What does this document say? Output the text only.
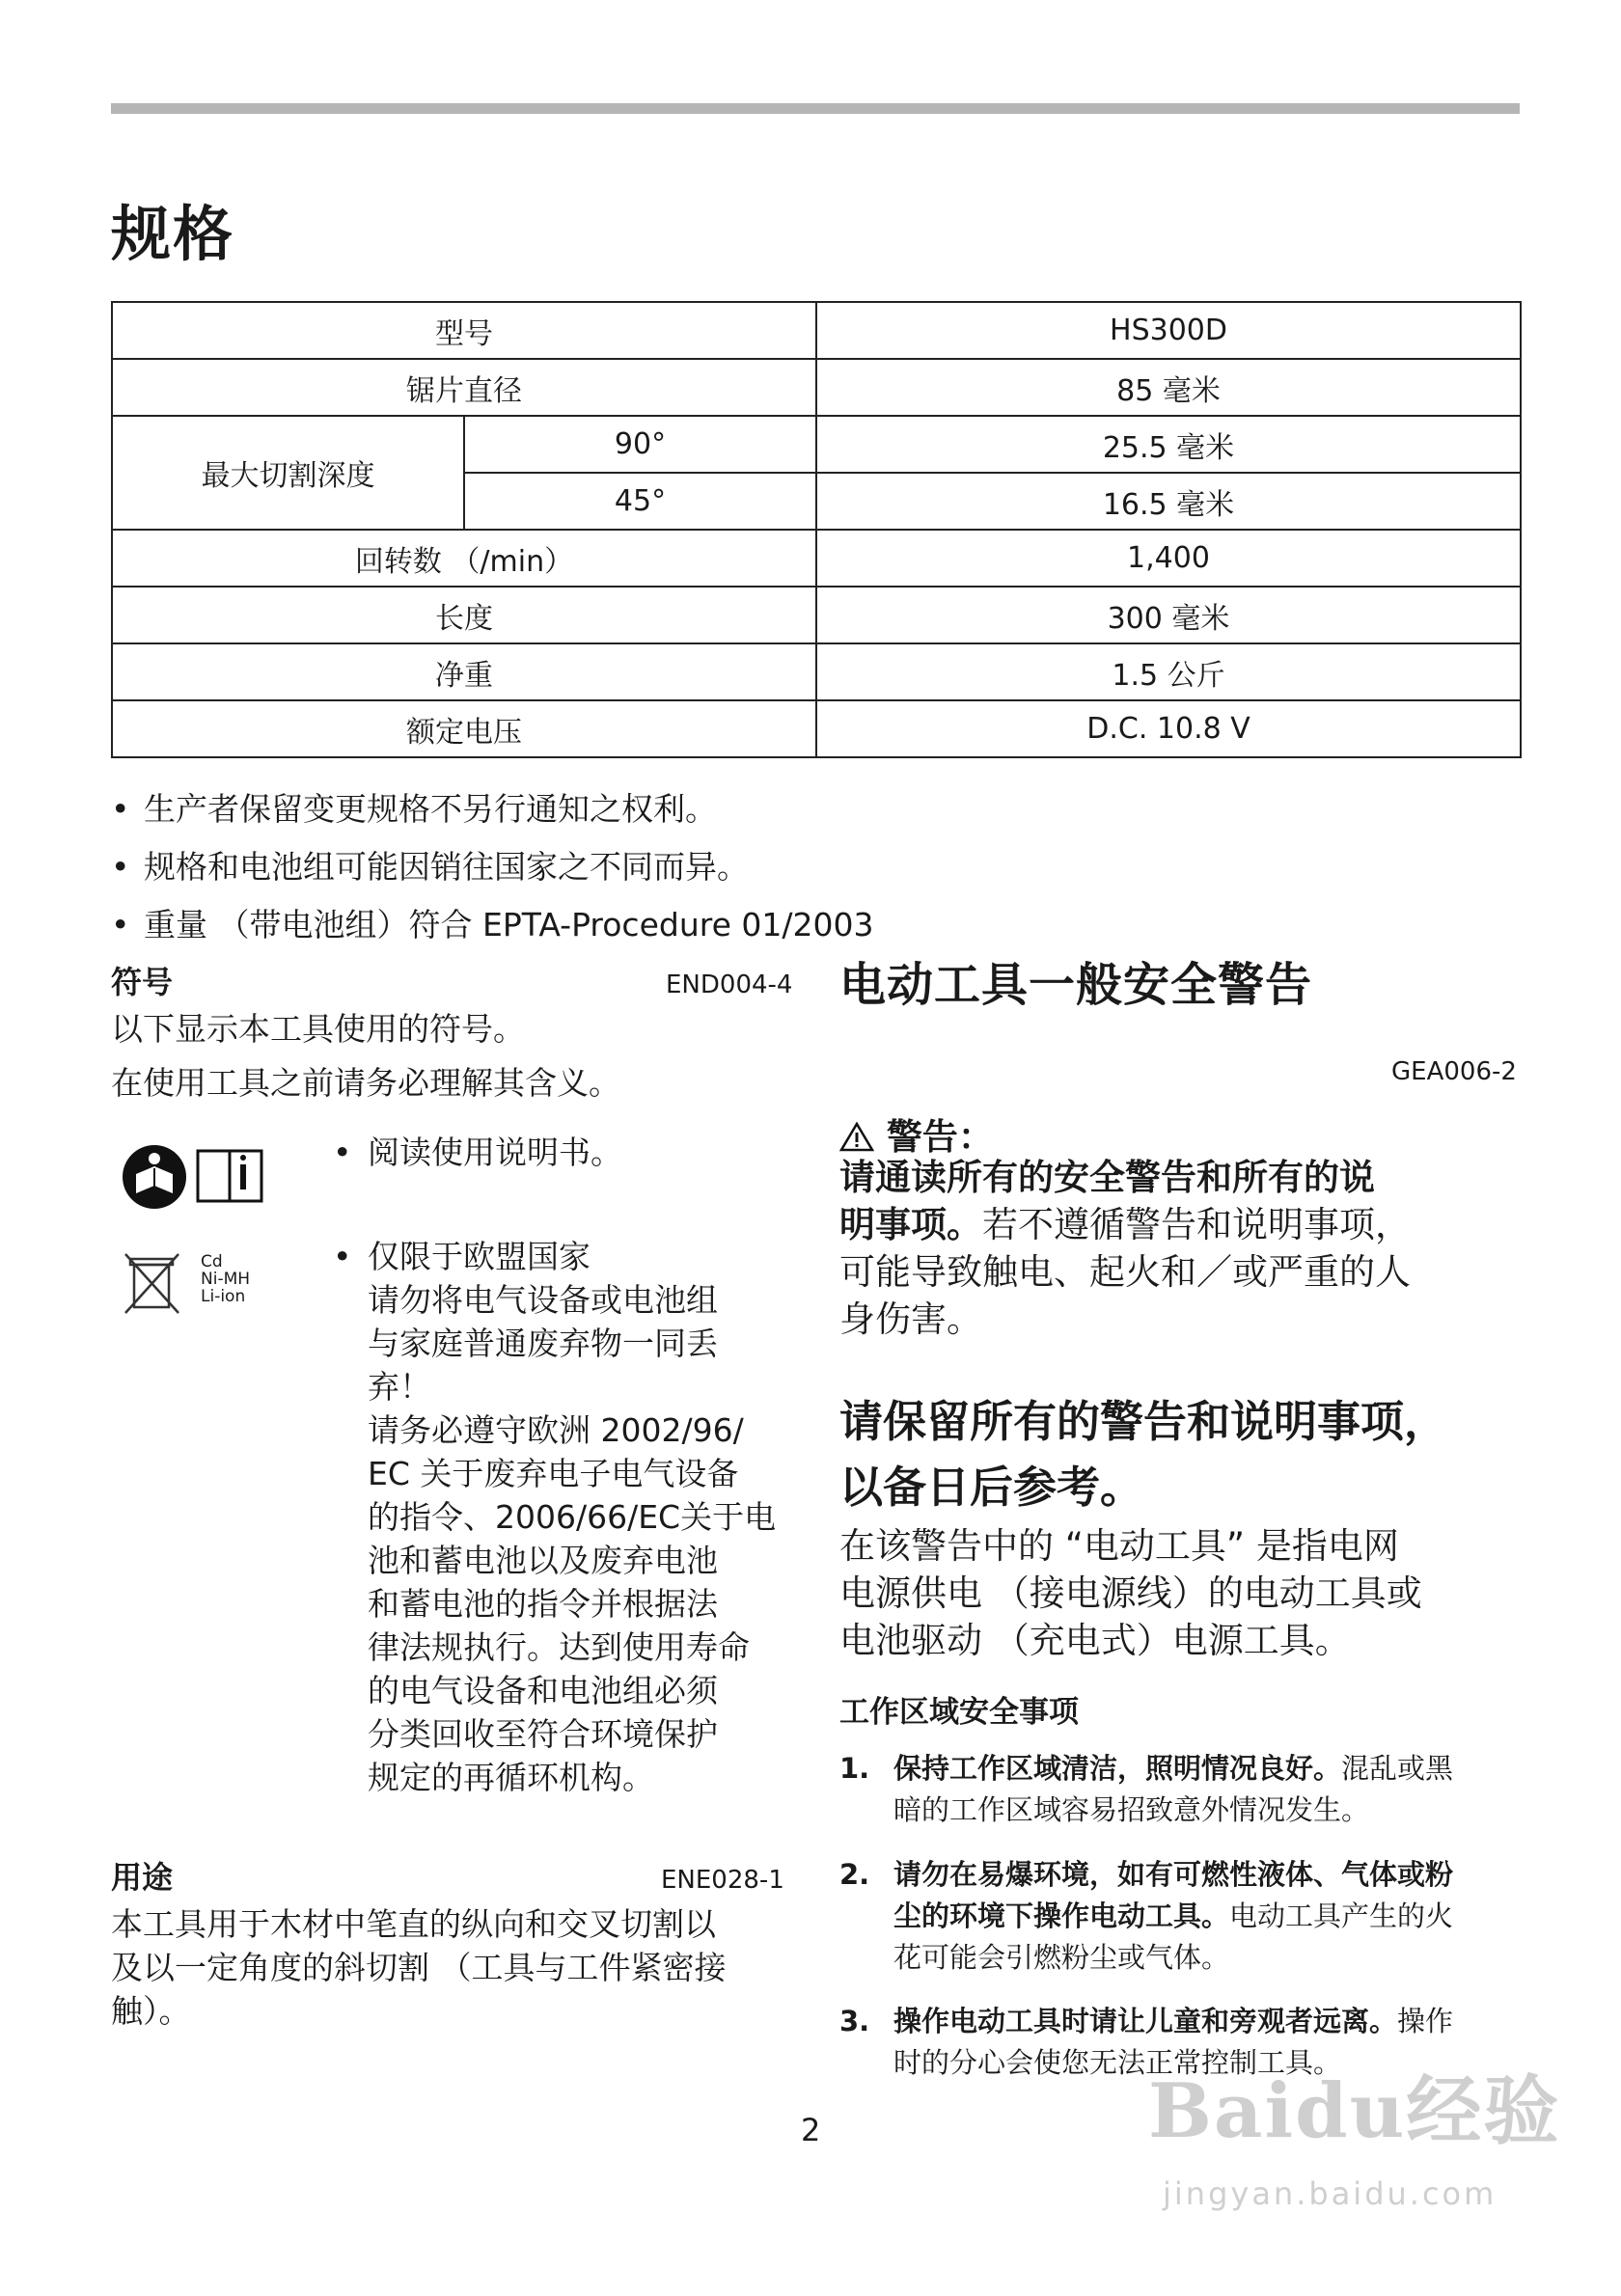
规格
型号		HS300D
锯片直径		85 毫米
最大切割深度	90°	25.5 毫米
	45°	16.5 毫米
回转数 （/min）		1,400
长度		300 毫米
净重		1.5 公斤
额定电压		D.C. 10.8 V
• 生产者保留变更规格不另行通知之权利。
• 规格和电池组可能因销往国家之不同而异。
• 重量 （带电池组）符合 EPTA-Procedure 01/2003
符号	END004-4
以下显示本工具使用的符号。
在使用工具之前请务必理解其含义。
Cd
Ni-MH
Li-ion
• 阅读使用说明书。
• 仅限于欧盟国家
请勿将电气设备或电池组
与家庭普通废弃物一同丢
弃！
请务必遵守欧洲 2002/96/
EC 关于废弃电子电气设备
的指令、2006/66/EC关于电
池和蓄电池以及废弃电池
和蓄电池的指令并根据法
律法规执行。达到使用寿命
的电气设备和电池组必须
分类回收至符合环境保护
规定的再循环机构。
用途	ENE028-1
本工具用于木材中笔直的纵向和交叉切割以
及以一定角度的斜切割 （工具与工件紧密接
触）。
电动工具一般安全警告
GEA006-2
警告：
请通读所有的安全警告和所有的说
明事项。若不遵循警告和说明事项，
可能导致触电、起火和／或严重的人
身伤害。
请保留所有的警告和说明事项，
以备日后参考。
在该警告中的 “电动工具” 是指电网
电源供电 （接电源线）的电动工具或
电池驱动 （充电式）电源工具。
工作区域安全事项
1. 保持工作区域清洁，照明情况良好。混乱或黑
暗的工作区域容易招致意外情况发生。
2. 请勿在易爆环境，如有可燃性液体、气体或粉
尘的环境下操作电动工具。电动工具产生的火
花可能会引燃粉尘或气体。
3. 操作电动工具时请让儿童和旁观者远离。操作
时的分心会使您无法正常控制工具。
2	Baidu经验
jingyan.baidu.com
